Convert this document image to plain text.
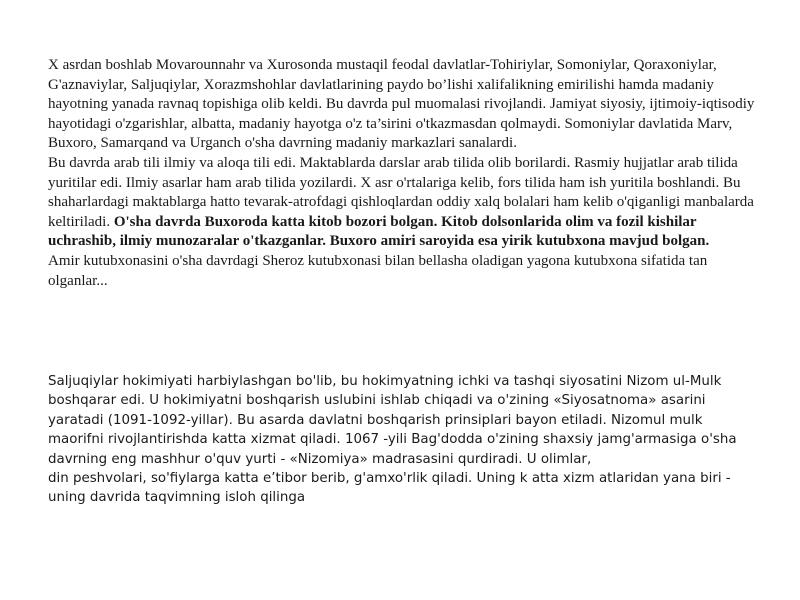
X asrdan boshlab Movarounnahr va Xurosonda mustaqil feodal davlatlar-Tohiriylar, Somoniylar, Qoraxoniylar, G'aznaviylar, Saljuqiylar, Xorazmshohlar davlatlarining paydo bo’lishi xalifalikning emirilishi hamda madaniy hayotning yanada ravnaq topishiga olib keldi. Bu davrda pul muomalasi rivojlandi. Jamiyat siyosiy, ijtimoiy-iqtisodiy hayotidagi o'zgarishlar, albatta, madaniy hayotga o'z ta’sirini o'tkazmasdan qolmaydi. Somoniylar davlatida Marv, Buxoro, Samarqand va Urganch o'sha davrning madaniy markazlari sanalardi.

Bu davrda arab tili ilmiy va aloqa tili edi. Maktablarda darslar arab tilida olib borilardi. Rasmiy hujjatlar arab tilida yuritilar edi. Ilmiy asarlar ham arab tilida yozilardi. X asr o'rtalariga kelib, fors tilida ham ish yuritila boshlandi. Bu shaharlardagi maktablarga hatto tevarak-atrofdagi qishloqlardan oddiy xalq bolalari ham kelib o'qiganligi manbalarda keltiriladi. O'sha davrda Buxoroda katta kitob bozori bolgan. Kitob dolsonlarida olim va fozil kishilar uchrashib, ilmiy munozaralar o'tkazganlar. Buxoro amiri saroyida esa yirik kutubxona mavjud bolgan.

Amir kutubxonasini o'sha davrdagi Sheroz kutubxonasi bilan bellasha oladigan yagona kutubxona sifatida tan olganlar...

Saljuqiylar hokimiyati harbiylashgan bo'lib, bu hokimyatning ichki va tashqi siyosatini Nizom ul-Mulk boshqarar edi. U hokimiyatni boshqarish uslubini ishlab chiqadi va o'zining «Siyosatnoma» asarini yaratadi (1091-1092-yillar). Bu asarda davlatni boshqarish prinsiplari bayon etiladi. Nizomul mulk maorifni rivojlantirishda katta xizmat qiladi. 1067 -yili Bag'dodda o'zining shaxsiy jamg'armasiga o'sha davrning eng mashhur o'quv yurti - «Nizomiya» madrasasini qurdiradi. U olimlar,

din peshvolari, so'fiylarga katta e’tibor berib, g'amxo'rlik qiladi. Uning k atta xizm atlaridan yana biri - uning davrida taqvimning isloh qilinga
